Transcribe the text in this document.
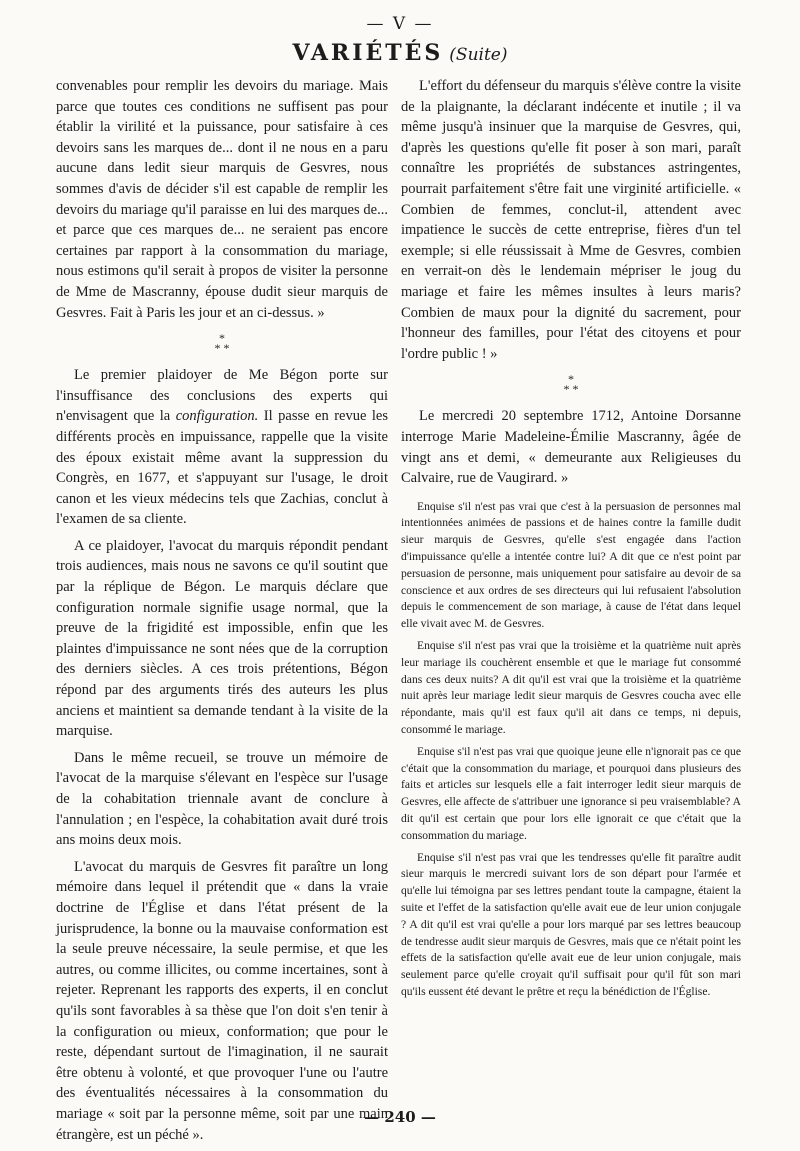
— V —
VARIÉTÉS (Suite)

convenables pour remplir les devoirs du mariage. Mais parce que toutes ces conditions ne suffisent pas pour établir la virilité et la puissance, pour satisfaire à ces devoirs sans les marques de... dont il ne nous en a paru aucune dans ledit sieur marquis de Gesvres, nous sommes d'avis de décider s'il est capable de remplir les devoirs du mariage qu'il paraisse en lui des marques de... et parce que ces marques de... ne seraient pas encore certaines par rapport à la consommation du mariage, nous estimons qu'il serait à propos de visiter la personne de Mme de Mascranny, épouse dudit sieur marquis de Gesvres. Fait à Paris les jour et an ci-dessus. »

*
* *

Le premier plaidoyer de Me Bégon porte sur l'insuffisance des conclusions des experts qui n'envisagent que la configuration. Il passe en revue les différents procès en impuissance, rappelle que la visite des époux existait même avant la suppression du Congrès, en 1677, et s'appuyant sur l'usage, le droit canon et les vieux médecins tels que Zachias, conclut à l'examen de sa cliente.

A ce plaidoyer, l'avocat du marquis répondit pendant trois audiences, mais nous ne savons ce qu'il soutint que par la réplique de Bégon. Le marquis déclare que configuration normale signifie usage normal, que la preuve de la frigidité est impossible, enfin que les plaintes d'impuissance ne sont nées que de la corruption des derniers siècles. A ces trois prétentions, Bégon répond par des arguments tirés des auteurs les plus anciens et maintient sa demande tendant à la visite de la marquise.

Dans le même recueil, se trouve un mémoire de l'avocat de la marquise s'élevant en l'espèce sur l'usage de la cohabitation triennale avant de conclure à l'annulation ; en l'espèce, la cohabitation avait duré trois ans moins deux mois.

L'avocat du marquis de Gesvres fit paraître un long mémoire dans lequel il prétendit que « dans la vraie doctrine de l'Église et dans l'état présent de la jurisprudence, la bonne ou la mauvaise conformation est la seule preuve nécessaire, la seule permise, et que les autres, ou comme illicites, ou comme incertaines, sont à rejeter. Reprenant les rapports des experts, il en conclut qu'ils sont favorables à sa thèse que l'on doit s'en tenir à la configuration ou mieux, conformation; que pour le reste, dépendant surtout de l'imagination, il ne saurait être obtenu à volonté, et que provoquer l'une ou l'autre des éventualités nécessaires à la consommation du mariage « soit par la personne même, soit par une main étrangère, est un péché ».

L'effort du défenseur du marquis s'élève contre la visite de la plaignante, la déclarant indécente et inutile ; il va même jusqu'à insinuer que la marquise de Gesvres, qui, d'après les questions qu'elle fit poser à son mari, paraît connaître les propriétés de substances astringentes, pourrait parfaitement s'être fait une virginité artificielle. « Combien de femmes, conclut-il, attendent avec impatience le succès de cette entreprise, fières d'un tel exemple; si elle réussissait à Mme de Gesvres, combien en verrait-on dès le lendemain mépriser le joug du mariage et faire les mêmes insultes à leurs maris? Combien de maux pour la dignité du sacrement, pour l'honneur des familles, pour l'état des citoyens et pour l'ordre public ! »

*
* *

Le mercredi 20 septembre 1712, Antoine Dorsanne interroge Marie Madeleine-Émilie Mascranny, âgée de vingt ans et demi, « demeurante aux Religieuses du Calvaire, rue de Vaugirard. »

Enquise s'il n'est pas vrai que c'est à la persuasion de personnes mal intentionnées animées de passions et de haines contre la famille dudit sieur marquis de Gesvres, qu'elle s'est engagée dans l'action d'impuissance qu'elle a intentée contre lui? A dit que ce n'est point par persuasion de personne, mais uniquement pour satisfaire au devoir de sa conscience et aux ordres de ses directeurs qui lui refusaient l'absolution depuis le commencement de son mariage, à cause de l'état dans lequel elle vivait avec M. de Gesvres.

Enquise s'il n'est pas vrai que la troisième et la quatrième nuit après leur mariage ils couchèrent ensemble et que le mariage fut consommé dans ces deux nuits? A dit qu'il est vrai que la troisième et la quatrième nuit après leur mariage ledit sieur marquis de Gesvres coucha avec elle répondante, mais qu'il est faux qu'il ait dans ce temps, ni depuis, consommé le mariage.

Enquise s'il n'est pas vrai que quoique jeune elle n'ignorait pas ce que c'était que la consommation du mariage, et pourquoi dans plusieurs des faits et articles sur lesquels elle a fait interroger ledit sieur marquis de Gesvres, elle affecte de s'attribuer une ignorance si peu vraisemblable? A dit qu'il est certain que pour lors elle ignorait ce que c'était que la consommation du mariage.

Enquise s'il n'est pas vrai que les tendresses qu'elle fit paraître audit sieur marquis le mercredi suivant lors de son départ pour l'armée et qu'elle lui témoigna par ses lettres pendant toute la campagne, étaient la suite et l'effet de la satisfaction qu'elle avait eue de leur union conjugale ? A dit qu'il est vrai qu'elle a pour lors marqué par ses lettres beaucoup de tendresse audit sieur marquis de Gesvres, mais que ce n'était point les effets de la satisfaction qu'elle avait eue de leur union conjugale, mais seulement parce qu'elle croyait qu'il suffisait pour qu'il fût son mari qu'ils eussent été devant le prêtre et reçu la bénédiction de l'Église.

— 240 —
